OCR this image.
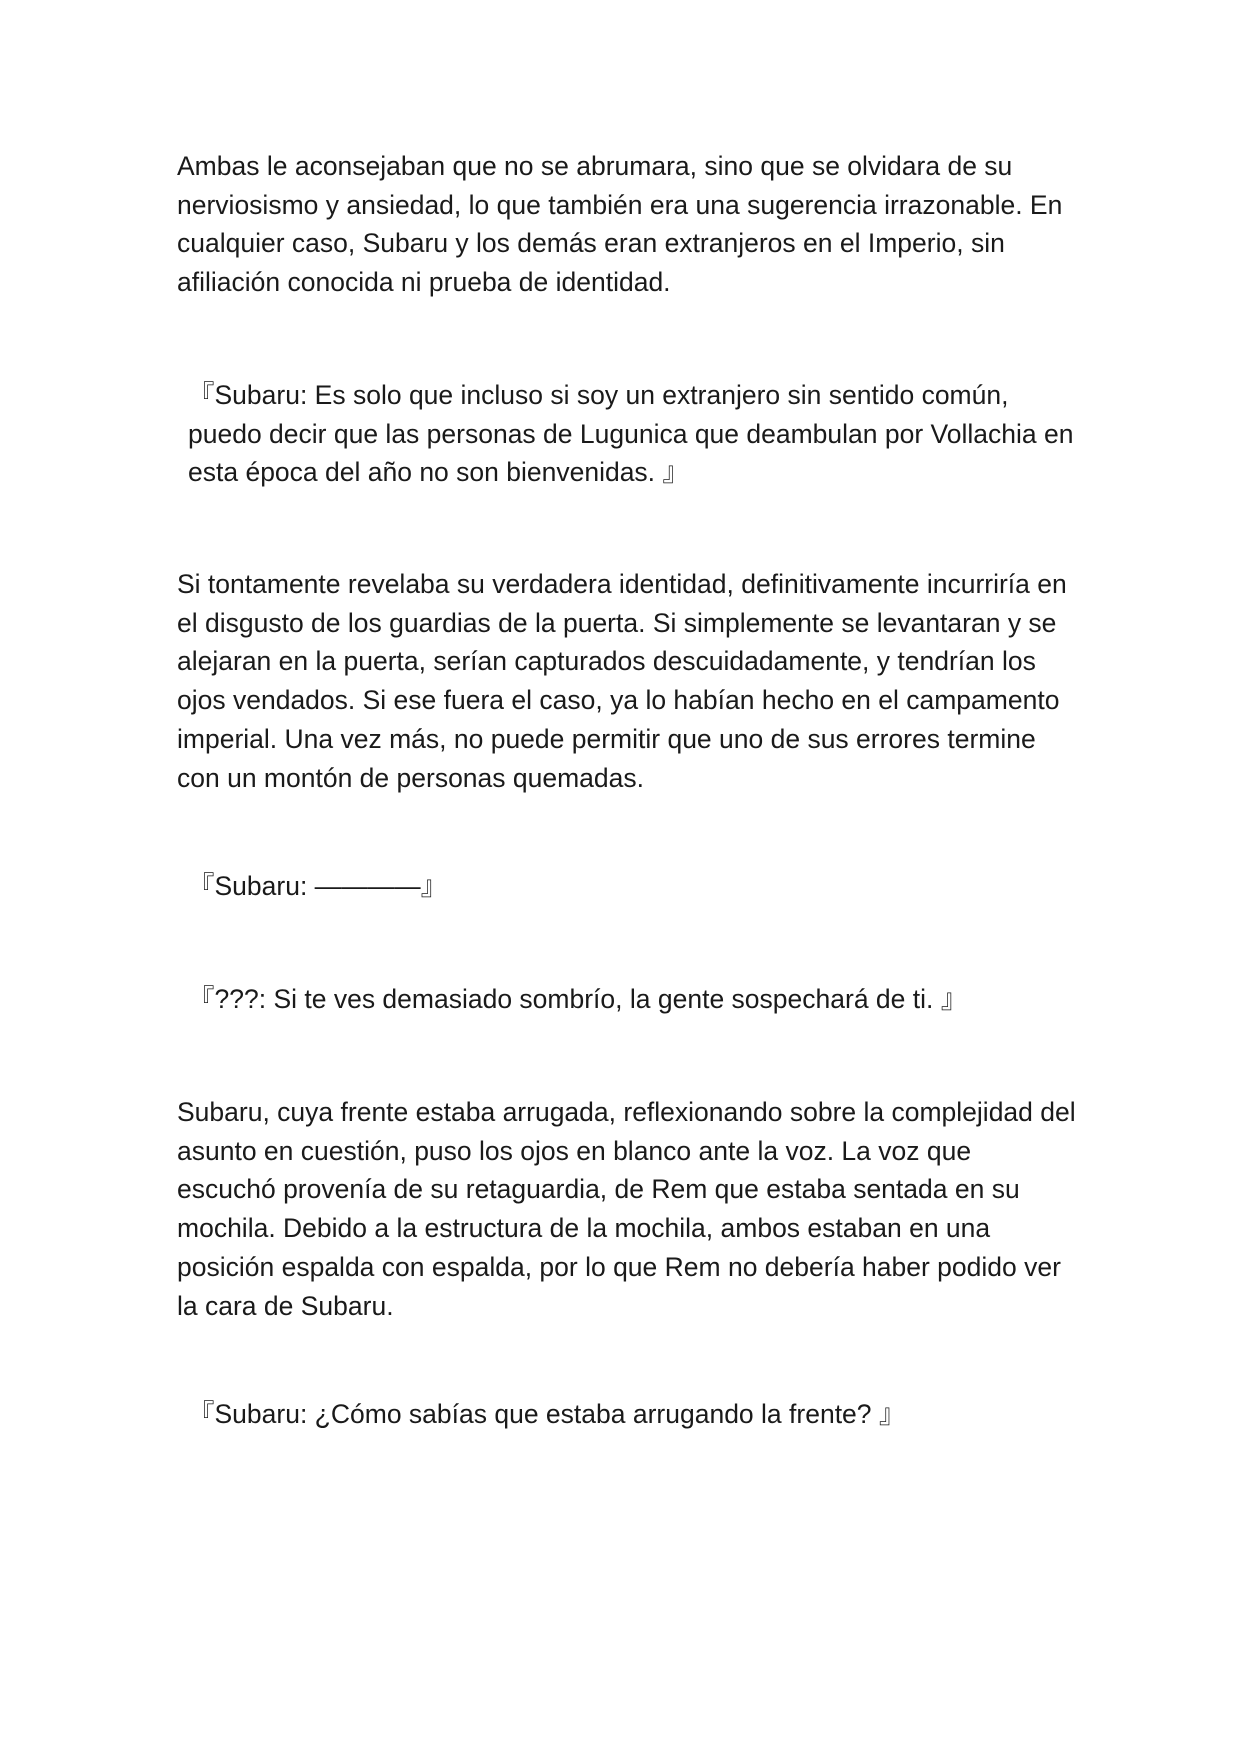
Ambas le aconsejaban que no se abrumara, sino que se olvidara de su nerviosismo y ansiedad, lo que también era una sugerencia irrazonable. En cualquier caso, Subaru y los demás eran extranjeros en el Imperio, sin afiliación conocida ni prueba de identidad.

『Subaru: Es solo que incluso si soy un extranjero sin sentido común, puedo decir que las personas de Lugunica que deambulan por Vollachia en esta época del año no son bienvenidas. 』

Si tontamente revelaba su verdadera identidad, definitivamente incurriría en el disgusto de los guardias de la puerta. Si simplemente se levantaran y se alejaran en la puerta, serían capturados descuidadamente, y tendrían los ojos vendados. Si ese fuera el caso, ya lo habían hecho en el campamento imperial. Una vez más, no puede permitir que uno de sus errores termine con un montón de personas quemadas.

『Subaru: ————』

『???: Si te ves demasiado sombrío, la gente sospechará de ti. 』

Subaru, cuya frente estaba arrugada, reflexionando sobre la complejidad del asunto en cuestión, puso los ojos en blanco ante la voz. La voz que escuchó provenía de su retaguardia, de Rem que estaba sentada en su mochila. Debido a la estructura de la mochila, ambos estaban en una posición espalda con espalda, por lo que Rem no debería haber podido ver la cara de Subaru.

『Subaru: ¿Cómo sabías que estaba arrugando la frente? 』
